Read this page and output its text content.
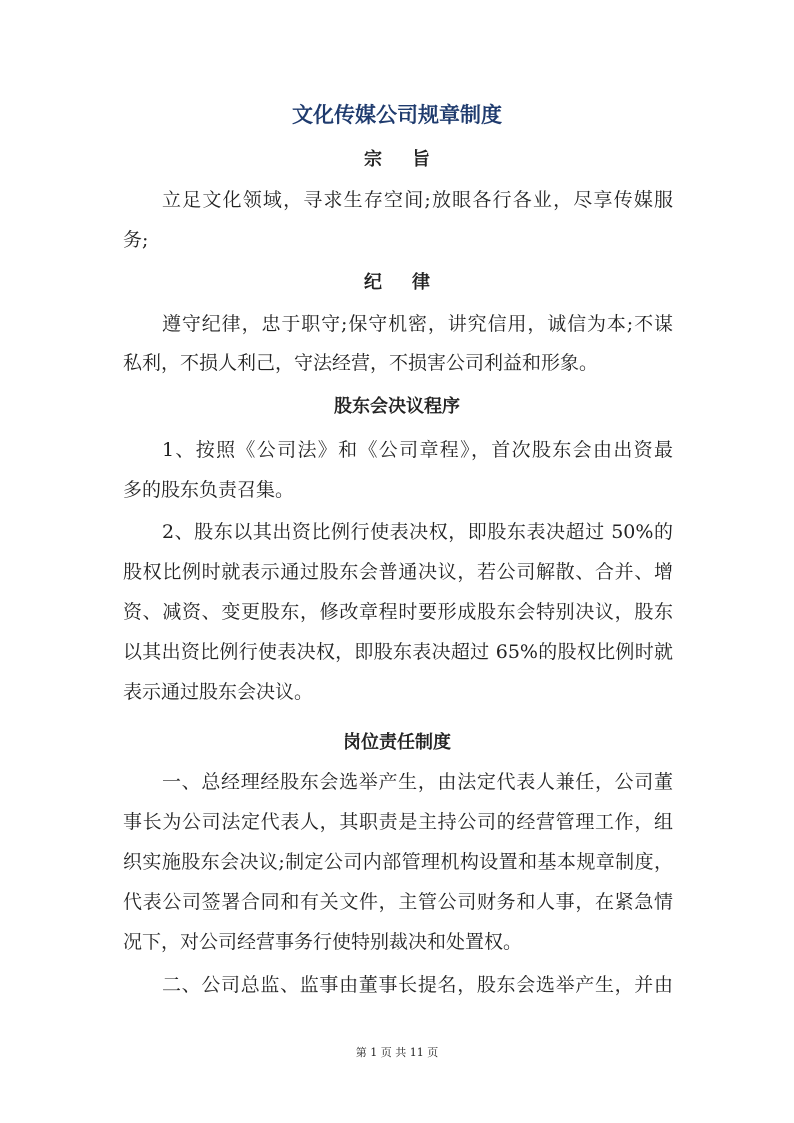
文化传媒公司规章制度
宗旨
立足文化领域，寻求生存空间;放眼各行各业，尽享传媒服
务;
纪律
遵守纪律，忠于职守;保守机密，讲究信用，诚信为本;不谋
私利，不损人利己，守法经营，不损害公司利益和形象。
股东会决议程序
1、按照《公司法》和《公司章程》，首次股东会由出资最
多的股东负责召集。
2、股东以其出资比例行使表决权，即股东表决超过 50%的
股权比例时就表示通过股东会普通决议，若公司解散、合并、增
资、减资、变更股东，修改章程时要形成股东会特别决议，股东
以其出资比例行使表决权，即股东表决超过 65%的股权比例时就
表示通过股东会决议。
岗位责任制度
一、总经理经股东会选举产生，由法定代表人兼任，公司董
事长为公司法定代表人，其职责是主持公司的经营管理工作，组
织实施股东会决议;制定公司内部管理机构设置和基本规章制度，
代表公司签署合同和有关文件，主管公司财务和人事，在紧急情
况下，对公司经营事务行使特别裁决和处置权。
二、公司总监、监事由董事长提名，股东会选举产生，并由
第 1 页 共 11 页
